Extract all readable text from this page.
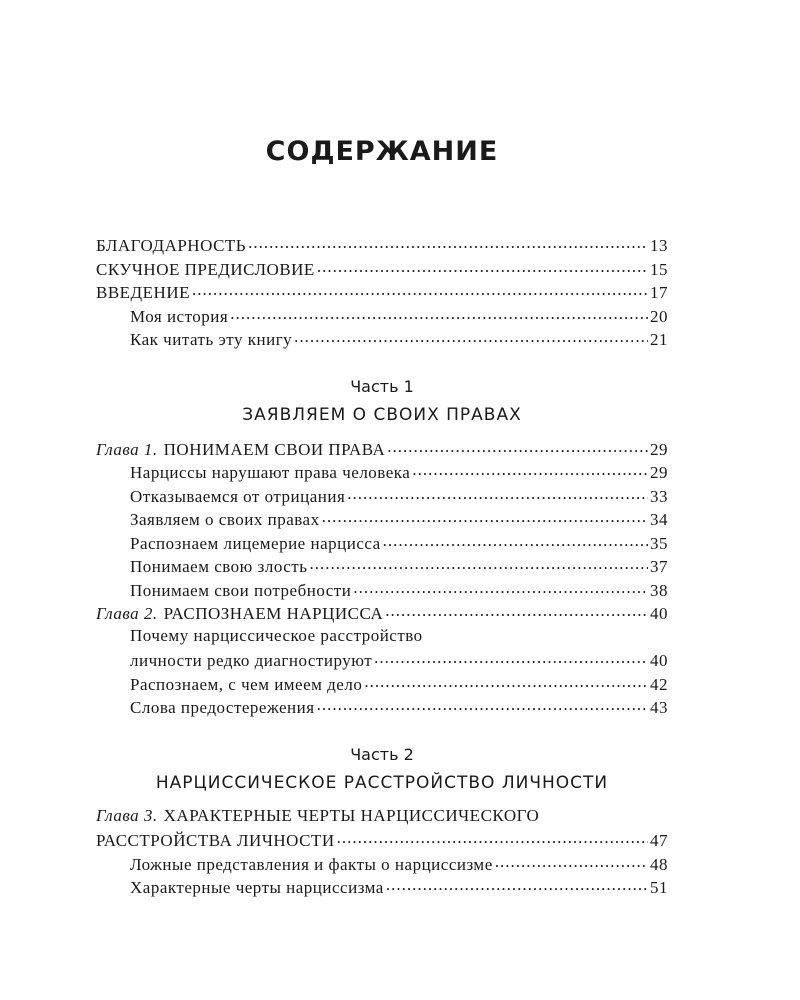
СОДЕРЖАНИЕ
БЛАГОДАРНОСТЬ .....	13
СКУЧНОЕ ПРЕДИСЛОВИЕ .....	15
ВВЕДЕНИЕ .....	17
Моя история .....	20
Как читать эту книгу .....	21
Часть 1
ЗАЯВЛЯЕМ О СВОИХ ПРАВАХ
Глава 1. ПОНИМАЕМ СВОИ ПРАВА .....	29
Нарциссы нарушают права человека .....	29
Отказываемся от отрицания .....	33
Заявляем о своих правах .....	34
Распознаем лицемерие нарцисса .....	35
Понимаем свою злость .....	37
Понимаем свои потребности .....	38
Глава 2. РАСПОЗНАЕМ НАРЦИССА .....	40
Почему нарциссическое расстройство
личности редко диагностируют .....	40
Распознаем, с чем имеем дело .....	42
Слова предостережения .....	43
Часть 2
НАРЦИССИЧЕСКОЕ РАССТРОЙСТВО ЛИЧНОСТИ
Глава 3. ХАРАКТЕРНЫЕ ЧЕРТЫ НАРЦИССИЧЕСКОГО
РАССТРОЙСТВА ЛИЧНОСТИ .....	47
Ложные представления и факты о нарциссизме .....	48
Характерные черты нарциссизма .....	51
